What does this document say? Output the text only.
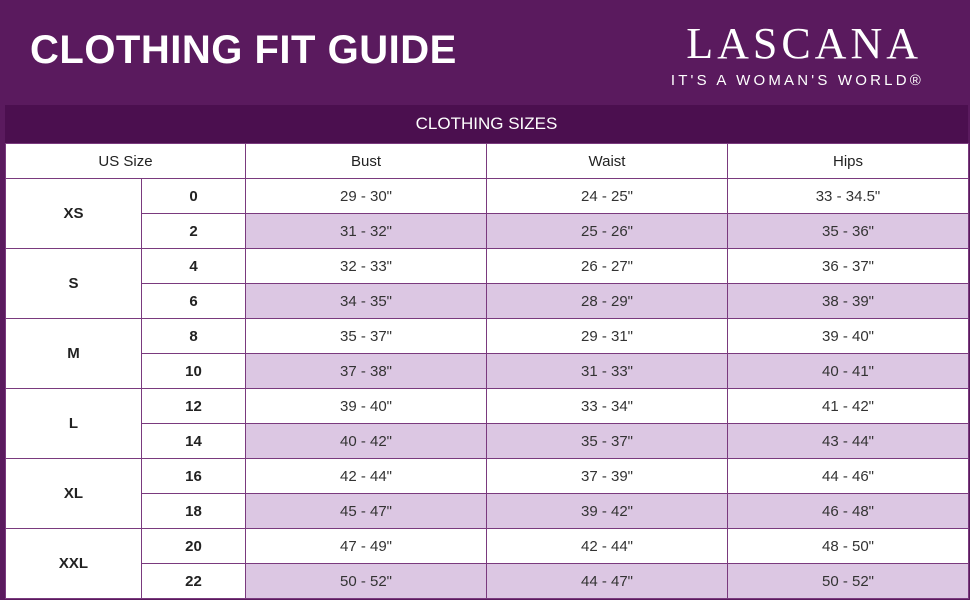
CLOTHING FIT GUIDE	LASCANA
IT'S A WOMAN'S WORLD®
CLOTHING SIZES
US Size		Bust	Waist	Hips
XS	0	29 - 30"	24 - 25"	33 - 34.5"
	2	31 - 32"	25 - 26"	35 - 36"
S	4	32 - 33"	26 - 27"	36 - 37"
	6	34 - 35"	28 - 29"	38 - 39"
M	8	35 - 37"	29 - 31"	39 - 40"
	10	37 - 38"	31 - 33"	40 - 41"
L	12	39 - 40"	33 - 34"	41 - 42"
	14	40 - 42"	35 - 37"	43 - 44"
XL	16	42 - 44"	37 - 39"	44 - 46"
	18	45 - 47"	39 - 42"	46 - 48"
XXL	20	47 - 49"	42 - 44"	48 - 50"
	22	50 - 52"	44 - 47"	50 - 52"
